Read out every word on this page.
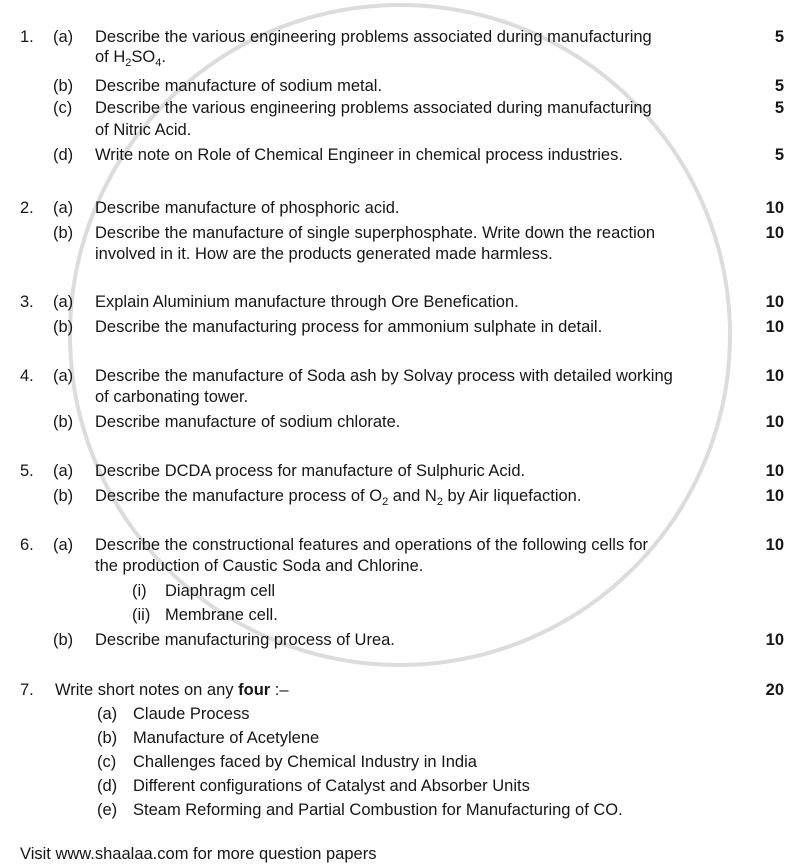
1. (a) Describe the various engineering problems associated during manufacturing
of $H_2SO_4$.
5
(b) Describe manufacture of sodium metal.	5
(c) Describe the various engineering problems associated during manufacturing
of Nitric Acid.
5
(d) Write note on Role of Chemical Engineer in chemical process industries.	5
2. (a) Describe manufacture of phosphoric acid.	10
(b) Describe the manufacture of single superphosphate. Write down the reaction
involved in it. How are the products generated made harmless.
10
3. (a) Explain Aluminium manufacture through Ore Benefication.	10
(b) Describe the manufacturing process for ammonium sulphate in detail.	10
4. (a) Describe the manufacture of Soda ash by Solvay process with detailed working
of carbonating tower.
10
(b) Describe manufacture of sodium chlorate.	10
5. (a) Describe DCDA process for manufacture of Sulphuric Acid.	10
(b) Describe the manufacture process of $O_2$ and $N_2$ by Air liquefaction.	10
6. (a) Describe the constructional features and operations of the following cells for
the production of Caustic Soda and Chlorine.
10
(i) Diaphragm cell
(ii) Membrane cell.
(b) Describe manufacturing process of Urea.	10
7. Write short notes on any four :–	20
(a) Claude Process
(b) Manufacture of Acetylene
(c) Challenges faced by Chemical Industry in India
(d) Different configurations of Catalyst and Absorber Units
(e) Steam Reforming and Partial Combustion for Manufacturing of CO.
Visit www.shaalaa.com for more question papers
